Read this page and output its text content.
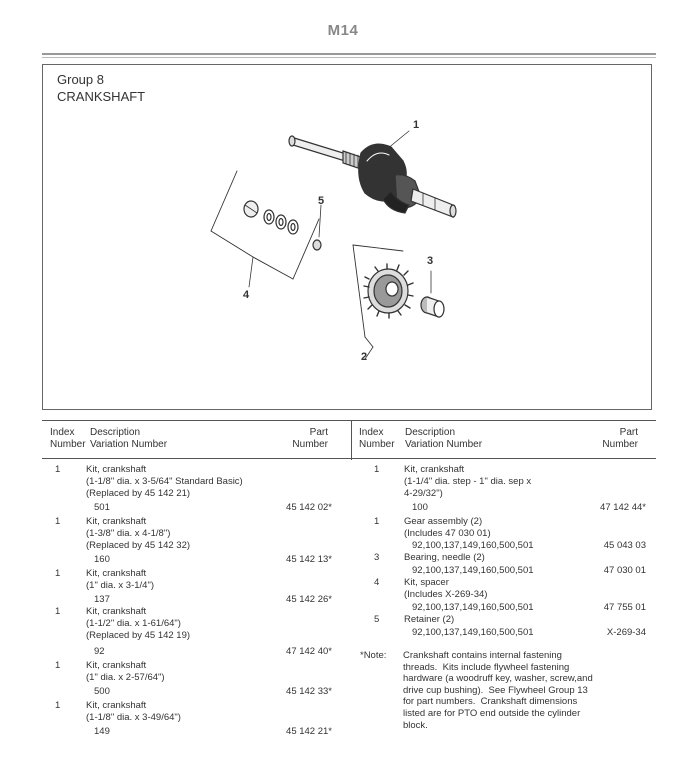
M14
Group 8
CRANKSHAFT
1
2
3
4
5
Index
Number
Description
Variation Number
Part
Number
Index
Number
Description
Variation Number
Part
Number
1	Kit, crankshaft
(1-1/8" dia. x 3-5/64" Standard Basic)
(Replaced by 45 142 21)
501	45 142 02*
1	Kit, crankshaft
(1-3/8" dia. x 4-1/8")
(Replaced by 45 142 32)
160	45 142 13*
1	Kit, crankshaft
(1" dia. x 3-1/4")
137	45 142 26*
1	Kit, crankshaft
(1-1/2" dia. x 1-61/64")
(Replaced by 45 142 19)
92	47 142 40*
1	Kit, crankshaft
(1" dia. x 2-57/64")
500	45 142 33*
1	Kit, crankshaft
(1-1/8" dia. x 3-49/64")
149	45 142 21*
1	Kit, crankshaft
(1-1/4" dia. step - 1" dia. sep x
4-29/32")
100	47 142 44*
1	Gear assembly (2)
(Includes 47 030 01)
92,100,137,149,160,500,501	45 043 03
3	Bearing, needle (2)
92,100,137,149,160,500,501	47 030 01
4	Kit, spacer
(Includes X-269-34)
92,100,137,149,160,500,501	47 755 01
5	Retainer (2)
92,100,137,149,160,500,501	X-269-34
*Note: Crankshaft contains internal fastening
threads.  Kits include flywheel fastening
hardware (a woodruff key, washer, screw,and
drive cup bushing).  See Flywheel Group 13
for part numbers.  Crankshaft dimensions
listed are for PTO end outside the cylinder
block.
